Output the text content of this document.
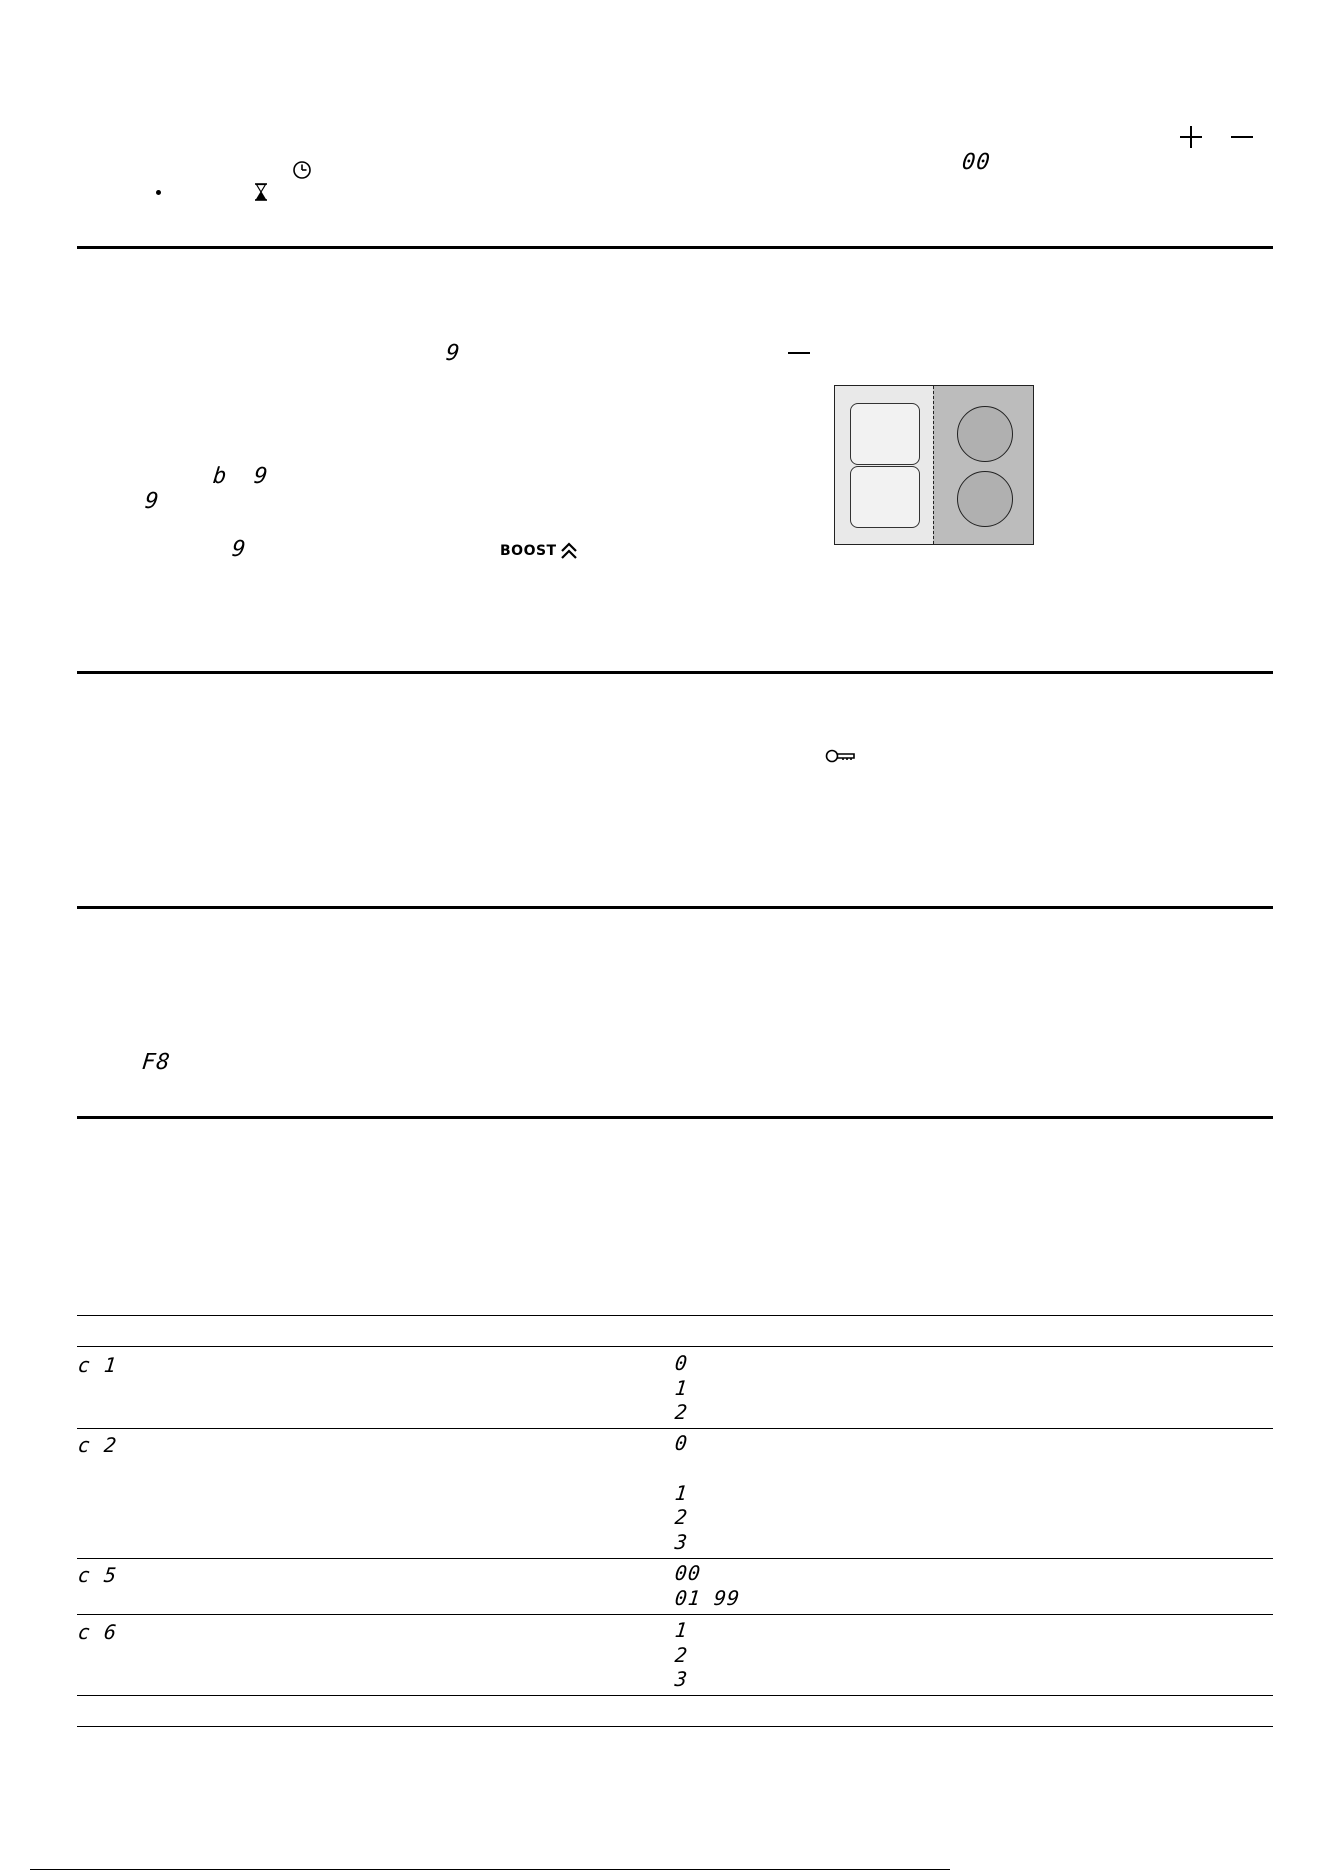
00
9
b 9
9
9	BOOST
F8
c 1	0
1
2
c 2	0
1
2
3
c 5	00
01 99
c 6	1
2
3
